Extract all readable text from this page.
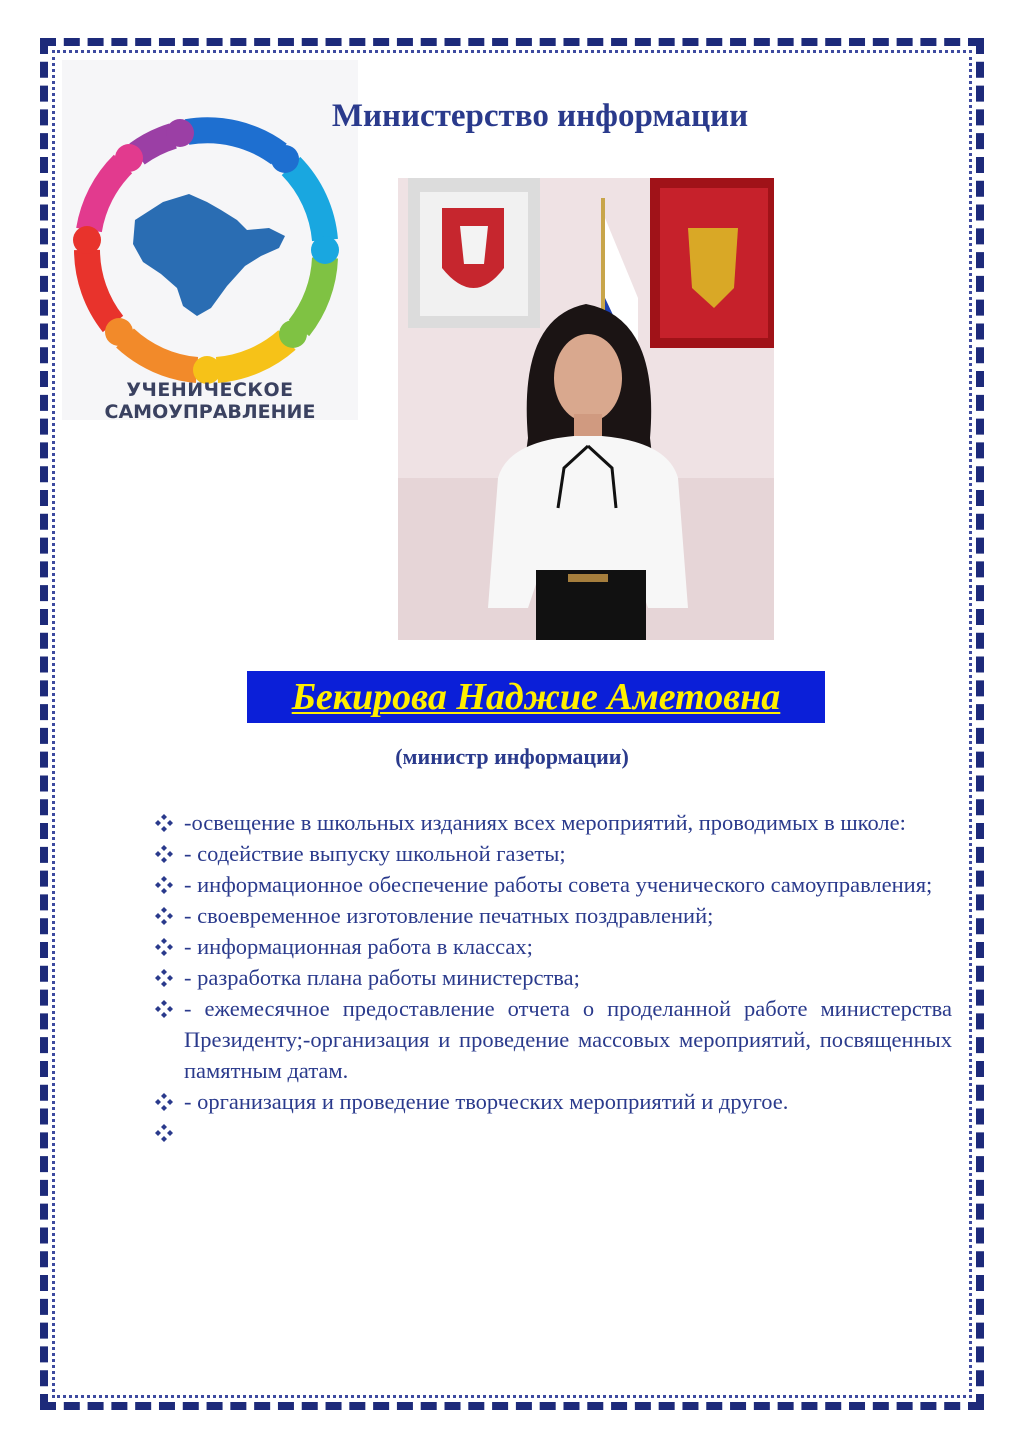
УЧЕНИЧЕСКОЕ
САМОУПРАВЛЕНИЕ
Министерство информации
Бекирова Наджие Аметовна
(министр информации)
-освещение в школьных изданиях всех мероприятий, проводимых в школе:
- содействие выпуску школьной газеты;
- информационное обеспечение работы совета ученического самоуправления;
- своевременное изготовление печатных поздравлений;
- информационная работа в классах;
- разработка плана работы министерства;
- ежемесячное предоставление отчета о проделанной работе министерства Президенту;-организация и проведение массовых мероприятий, посвященных памятным датам.
- организация и проведение творческих мероприятий и другое.
